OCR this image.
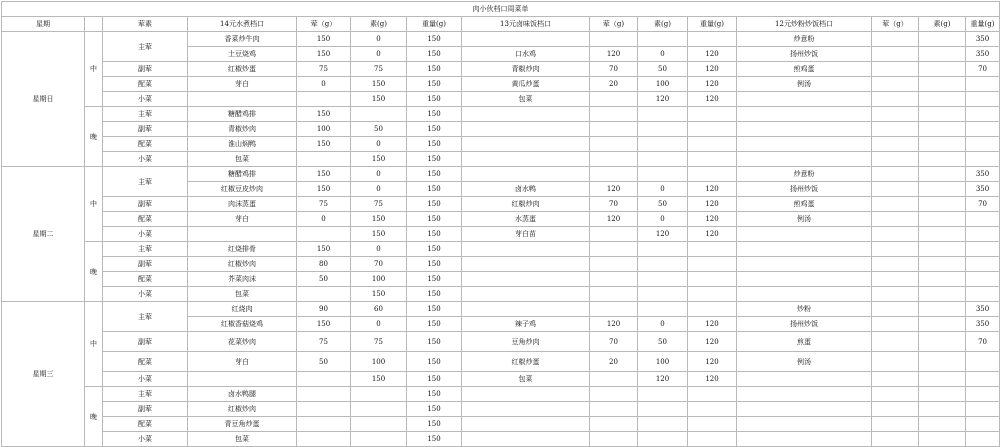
肉小伙档口周菜单														
星期		荤素	14元水煮档口	荤（g）	素(g)	重量(g)	13元卤味饭档口	荤（g)	素(g)	重量(g)	12元炒粉炒饭档口	荤（g）	素(g)	重量(g)
星期日	中	主荤	香菜炒牛肉	150	0	150					炒意粉			350
			土豆烧鸡	150	0	150	口水鸡	120	0	120	扬州炒饭			350
		副荤	红椒炒蛋	75	75	150	青椒炒肉	70	50	120	煎鸡蛋			70
		配菜	芽白	0	150	150	黄瓜炒蛋	20	100	120	例汤			
		小菜			150	150	包菜		120	120				
	晚	主荤	糖醋鸡排	150		150								
		副荤	青椒炒肉	100	50	150								
		配菜	淮山焖鸭	150	0	150								
		小菜	包菜		150	150								
星期二	中	主荤	糖醋鸡排	150	0	150					炒意粉			350
			红椒豆皮炒肉	150	0	150	卤水鸭	120	0	120	扬州炒饭			350
		副荤	肉沫蒸蛋	75	75	150	红椒炒肉	70	50	120	煎鸡蛋			70
		配菜	芽白	0	150	150	水蒸蛋	120	0	120	例汤			
		小菜			150	150	芽白苗		120	120				
	晚	主荤	红烧排骨	150	0	150								
		副荤	红椒炒肉	80	70	150								
		配菜	芥菜肉沫	50	100	150								
		小菜	包菜		150	150								
星期三	中	主荤	红烧肉	90	60	150					炒粉			350
			红椒香菇烧鸡	150	0	150	辣子鸡	120	0	120	扬州炒饭			350
		副荤	花菜炒肉	75	75	150	豆角炒肉	70	50	120	煎蛋			70
		配菜	芽白	50	100	150	红椒炒蛋	20	100	120	例汤			
		小菜			150	150	包菜		120	120				
	晚	主荤	卤水鸭腿			150								
		副荤	红椒炒肉			150								
		配菜	青豆角炒蛋			150								
		小菜	包菜			150								
